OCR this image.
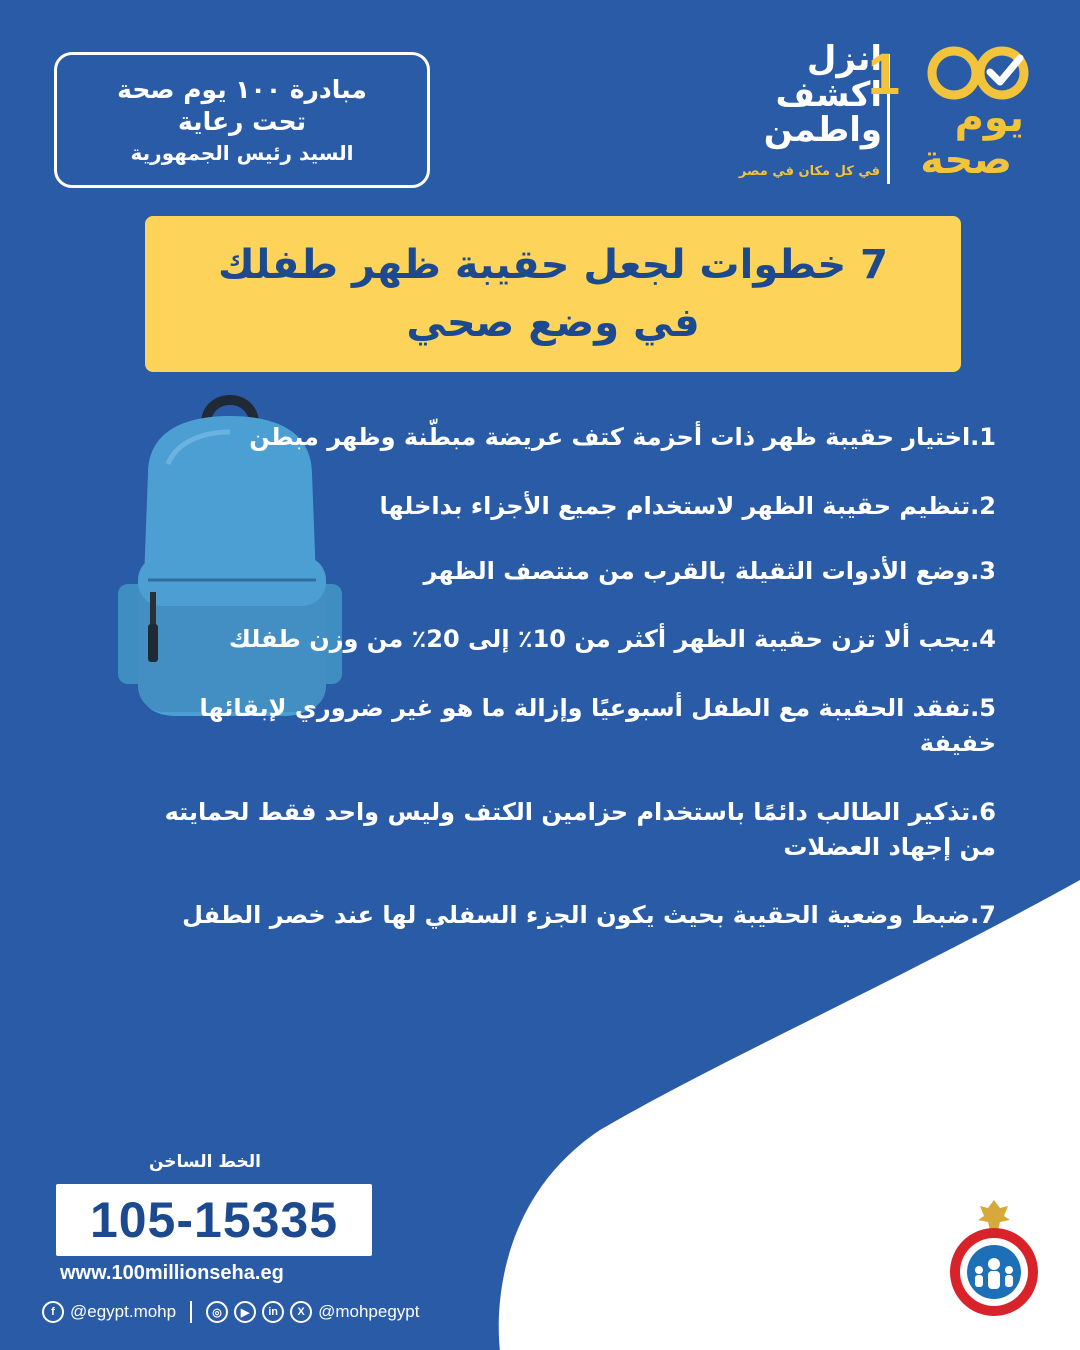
مبادرة ١٠٠ يوم صحة
تحت رعاية
السيد رئيس الجمهورية
انزل
اكشف
واطمن
في كل مكان في مصر
1
يوم
صحة
7 خطوات لجعل حقيبة ظهر طفلك
في وضع صحي
1.اختيار حقيبة ظهر ذات أحزمة كتف عريضة مبطّنة وظهر مبطن
2.تنظيم حقيبة الظهر لاستخدام جميع الأجزاء بداخلها
3.وضع الأدوات الثقيلة بالقرب من منتصف الظهر
4.يجب ألا تزن حقيبة الظهر أكثر من 10٪ إلى 20٪ من وزن طفلك
5.تفقد الحقيبة مع الطفل أسبوعيًا وإزالة ما هو غير ضروري لإبقائها خفيفة
6.تذكير الطالب دائمًا باستخدام حزامين الكتف وليس واحد فقط لحمايته من إجهاد العضلات
7.ضبط وضعية الحقيبة بحيث يكون الجزء السفلي لها عند خصر الطفل
الخط الساخن
105-15335
www.100millionseha.eg
f @egypt.mohp	◎	▶	in	X @mohpegypt
